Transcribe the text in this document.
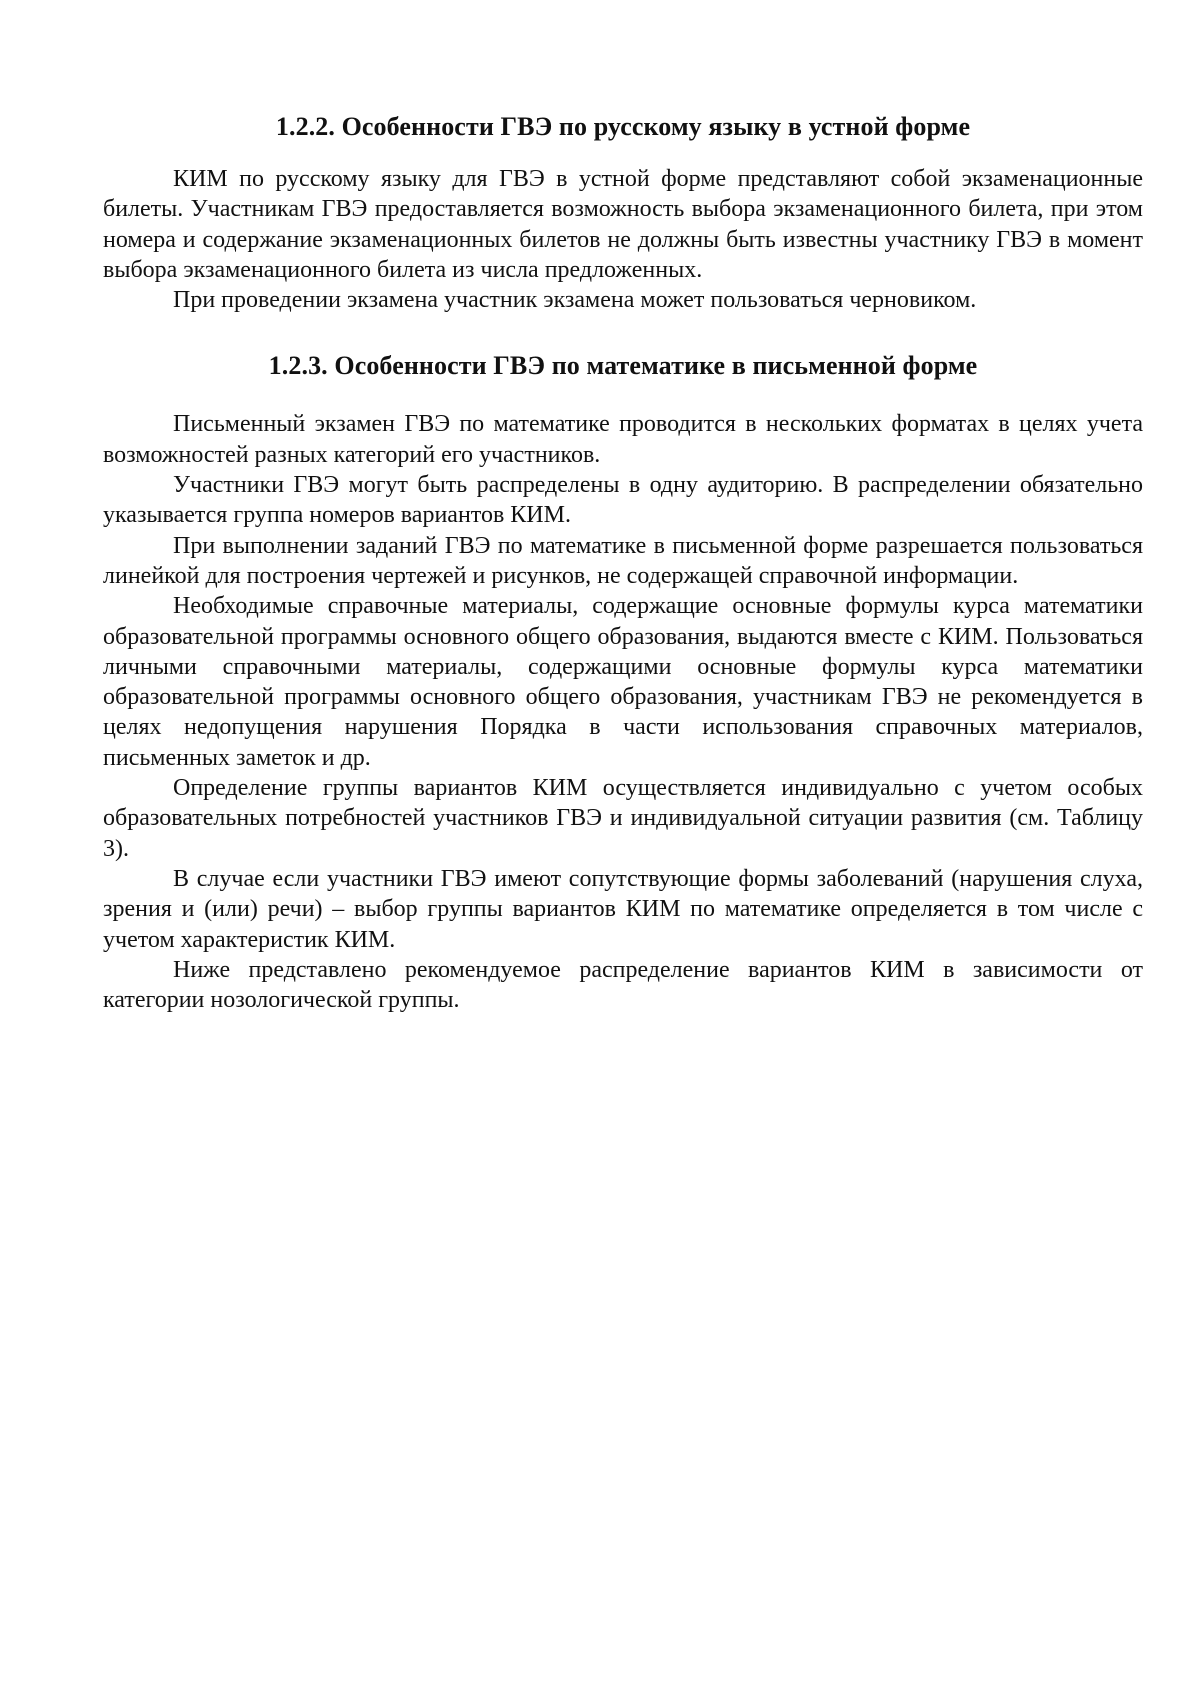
1.2.2. Особенности ГВЭ по русскому языку в устной форме

КИМ по русскому языку для ГВЭ в устной форме представляют собой экзаменационные билеты. Участникам ГВЭ предоставляется возможность выбора экзаменационного билета, при этом номера и содержание экзаменационных билетов не должны быть известны участнику ГВЭ в момент выбора экзаменационного билета из числа предложенных.

При проведении экзамена участник экзамена может пользоваться черновиком.

1.2.3. Особенности ГВЭ по математике в письменной форме

Письменный экзамен ГВЭ по математике проводится в нескольких форматах в целях учета возможностей разных категорий его участников.

Участники ГВЭ могут быть распределены в одну аудиторию. В распределении обязательно указывается группа номеров вариантов КИМ.

При выполнении заданий ГВЭ по математике в письменной форме разрешается пользоваться линейкой для построения чертежей и рисунков, не содержащей справочной информации.

Необходимые справочные материалы, содержащие основные формулы курса математики образовательной программы основного общего образования, выдаются вместе с КИМ. Пользоваться личными справочными материалы, содержащими основные формулы курса математики образовательной программы основного общего образования, участникам ГВЭ не рекомендуется в целях недопущения нарушения Порядка в части использования справочных материалов, письменных заметок и др.

Определение группы вариантов КИМ осуществляется индивидуально с учетом особых образовательных потребностей участников ГВЭ и индивидуальной ситуации развития (см. Таблицу 3).

В случае если участники ГВЭ имеют сопутствующие формы заболеваний (нарушения слуха, зрения и (или) речи) – выбор группы вариантов КИМ по математике определяется в том числе с учетом характеристик КИМ.

Ниже представлено рекомендуемое распределение вариантов КИМ в зависимости от категории нозологической группы.
